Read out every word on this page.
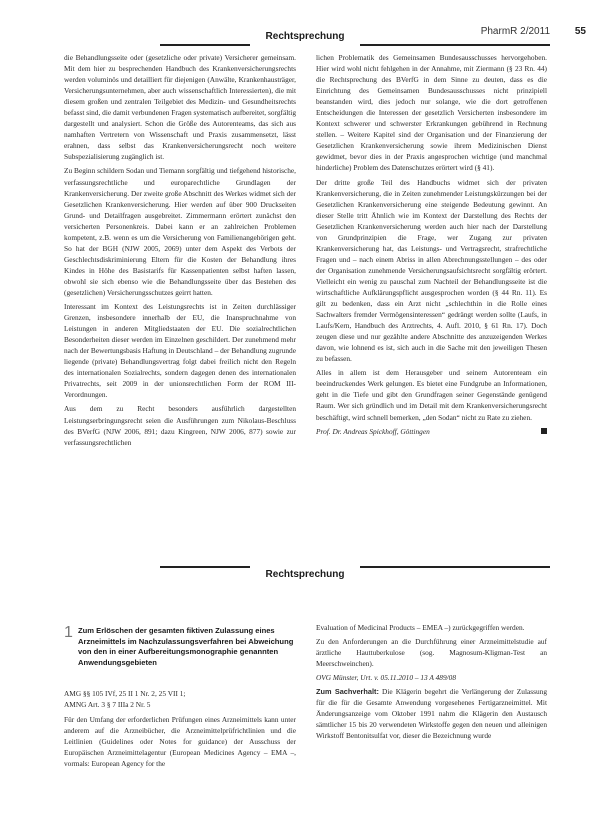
Rechtsprechung	PharmR 2/2011 55

die Behandlungsseite oder (gesetzliche oder private) Versicherer gemeinsam. Mit dem hier zu besprechenden Handbuch des Krankenversicherungsrechts werden voluminös und detailliert für diejenigen (Anwälte, Krankenhausträger, Versicherungsunternehmen, aber auch wissenschaftlich Interessierten), die mit diesem großen und zentralen Teilgebiet des Medizin- und Gesundheitsrechts befasst sind, die damit verbundenen Fragen systematisch aufbereitet, sorgfältig dargestellt und analysiert. Schon die Größe des Autorenteams, das sich aus namhaften Vertretern von Wissenschaft und Praxis zusammensetzt, lässt erahnen, dass selbst das Krankenversicherungsrecht noch weitere Subspezialisierung zugänglich ist.

Zu Beginn schildern Sodan und Tiemann sorgfältig und tiefgehend historische, verfassungsrechtliche und europarechtliche Grundlagen der Krankenversicherung. Der zweite große Abschnitt des Werkes widmet sich der Gesetzlichen Krankenversicherung. Hier werden auf über 900 Druckseiten Grund- und Detailfragen ausgebreitet. Zimmermann erörtert zunächst den versicherten Personenkreis. Dabei kann er an zahlreichen Problemen kompetent, z.B. wenn es um die Versicherung von Familienangehörigen geht. So hat der BGH (NJW 2005, 2069) unter dem Aspekt des Verbots der Geschlechtsdiskriminierung Eltern für die Kosten der Behandlung ihres Kindes in Höhe des Basistarifs für Kassenpatienten selbst haften lassen, obwohl sie sich ebenso wie die Behandlungsseite über das Bestehen des (gesetzlichen) Versicherungsschutzes geirrt hatten.

Interessant im Kontext des Leistungsrechts ist in Zeiten durchlässiger Grenzen, insbesondere innerhalb der EU, die Inanspruchnahme von Leistungen in anderen Mitgliedstaaten der EU. Die sozialrechtlichen Besonderheiten dieser werden im Einzelnen geschildert. Der zunehmend mehr nach der Bewertungsbasis Haftung in Deutschland – der Behandlung zugrunde liegende (private) Behandlungsvertrag folgt dabei freilich nicht den Regeln des internationalen Sozialrechts, sondern dagegen denen des internationalen Privatrechts, seit 2009 in der unionsrechtlichen Form der ROM III-Verordnungen.

Aus dem zu Recht besonders ausführlich dargestellten Leistungserbringungsrecht seien die Ausführungen zum Nikolaus-Beschluss des BVerfG (NJW 2006, 891; dazu Kingreen, NJW 2006, 877) sowie zur verfassungsrechtlichen

lichen Problematik des Gemeinsamen Bundesausschusses hervorgehoben. Hier wird wohl nicht fehlgehen in der Annahme, mit Ziermann (§ 23 Rn. 44) die Rechtsprechung des BVerfG in dem Sinne zu deuten, dass es die Einrichtung des Gemeinsamen Bundesausschusses nicht prinzipiell beanstanden wird, dies jedoch nur solange, wie die dort getroffenen Entscheidungen die Interessen der gesetzlich Versicherten insbesondere im Kontext schwerer und schwerster Erkrankungen gebührend in Rechnung stellen. – Weitere Kapitel sind der Organisation und der Finanzierung der Gesetzlichen Krankenversicherung sowie ihrem Medizinischen Dienst gewidmet, bevor dies in der Praxis angesprochen wichtige (und manchmal hinderliche) Problem des Datenschutzes erörtert wird (§ 41).

Der dritte große Teil des Handbuchs widmet sich der privaten Krankenversicherung, die in Zeiten zunehmender Leistungskürzungen bei der Gesetzlichen Krankenversicherung eine steigende Bedeutung gewinnt. An dieser Stelle tritt Ähnlich wie im Kontext der Darstellung des Rechts der Gesetzlichen Krankenversicherung werden auch hier nach der Darstellung von Grundprinzipien die Frage, wer Zugang zur privaten Krankenversicherung hat, das Leistungs- und Vertragsrecht, strafrechtliche Fragen und – nach einem Abriss in allen Abrechnungsstellungen – des oder der Organisation zunehmende Versicherungsaufsichtsrecht sorgfältig erörtert. Vielleicht ein wenig zu pauschal zum Nachteil der Behandlungsseite ist die wirtschaftliche Aufklärungspflicht ausgesprochen worden (§ 44 Rn. 11). Es gilt zu bedenken, dass ein Arzt nicht „schlechthin in die Rolle eines Sachwalters fremder Vermögensinteressen“ gedrängt werden sollte (Laufs, in Laufs/Kern, Handbuch des Arztrechts, 4. Aufl. 2010, § 61 Rn. 17). Doch zeugen diese und nur gezählte andere Abschnitte des anzuzeigenden Werkes davon, wie lohnend es ist, sich auch in die Sache mit den jeweiligen Thesen zu befassen.

Alles in allem ist dem Herausgeber und seinem Autorenteam ein beeindruckendes Werk gelungen. Es bietet eine Fundgrube an Informationen, geht in die Tiefe und gibt den Grundfragen seiner Gegenstände genügend Raum. Wer sich gründlich und im Detail mit dem Krankenversicherungsrecht beschäftigt, wird schnell bemerken, „den Sodan“ nicht zu Rate zu ziehen.

Prof. Dr. Andreas Spickhoff, Göttingen

Rechtsprechung
1 Zum Erlöschen der gesamten fiktiven Zulassung eines Arzneimittels im Nachzulassungsverfahren bei Abweichung von den in einer Aufbereitungsmonographie genannten Anwendungsgebieten

AMG §§ 105 IVf, 25 II 1 Nr. 2, 25 VII 1;

AMNG Art. 3 § 7 IIIa 2 Nr. 5

Für den Umfang der erforderlichen Prüfungen eines Arzneimittels kann unter anderem auf die Arzneibücher, die Arzneimittelprüfrichtlinien und die Leitlinien (Guidelines oder Notes for guidance) der Ausschuss der Europäischen Arzneimittelagentur (European Medicines Agency – EMA –, vormals: European Agency for the

Evaluation of Medicinal Products – EMEA –) zurückgegriffen werden.

Zu den Anforderungen an die Durchführung einer Arzneimittelstudie auf ärztliche Hauttuberkulose (sog. Magnosum-Kligman-Test an Meerschweinchen).

OVG Münster, Urt. v. 05.11.2010 – 13 A 489/08

Zum Sachverhalt: Die Klägerin begehrt die Verlängerung der Zulassung für die für die Gesamte Anwendung vorgesehenes Fertigarzneimittel. Mit Änderungsanzeige vom Oktober 1991 nahm die Klägerin den Austausch sämtlicher 15 bis 20 verwendeten Wirkstoffe gegen den neuen und alleinigen Wirkstoff Bentonitsulfat vor, dieser die Bezeichnung wurde
